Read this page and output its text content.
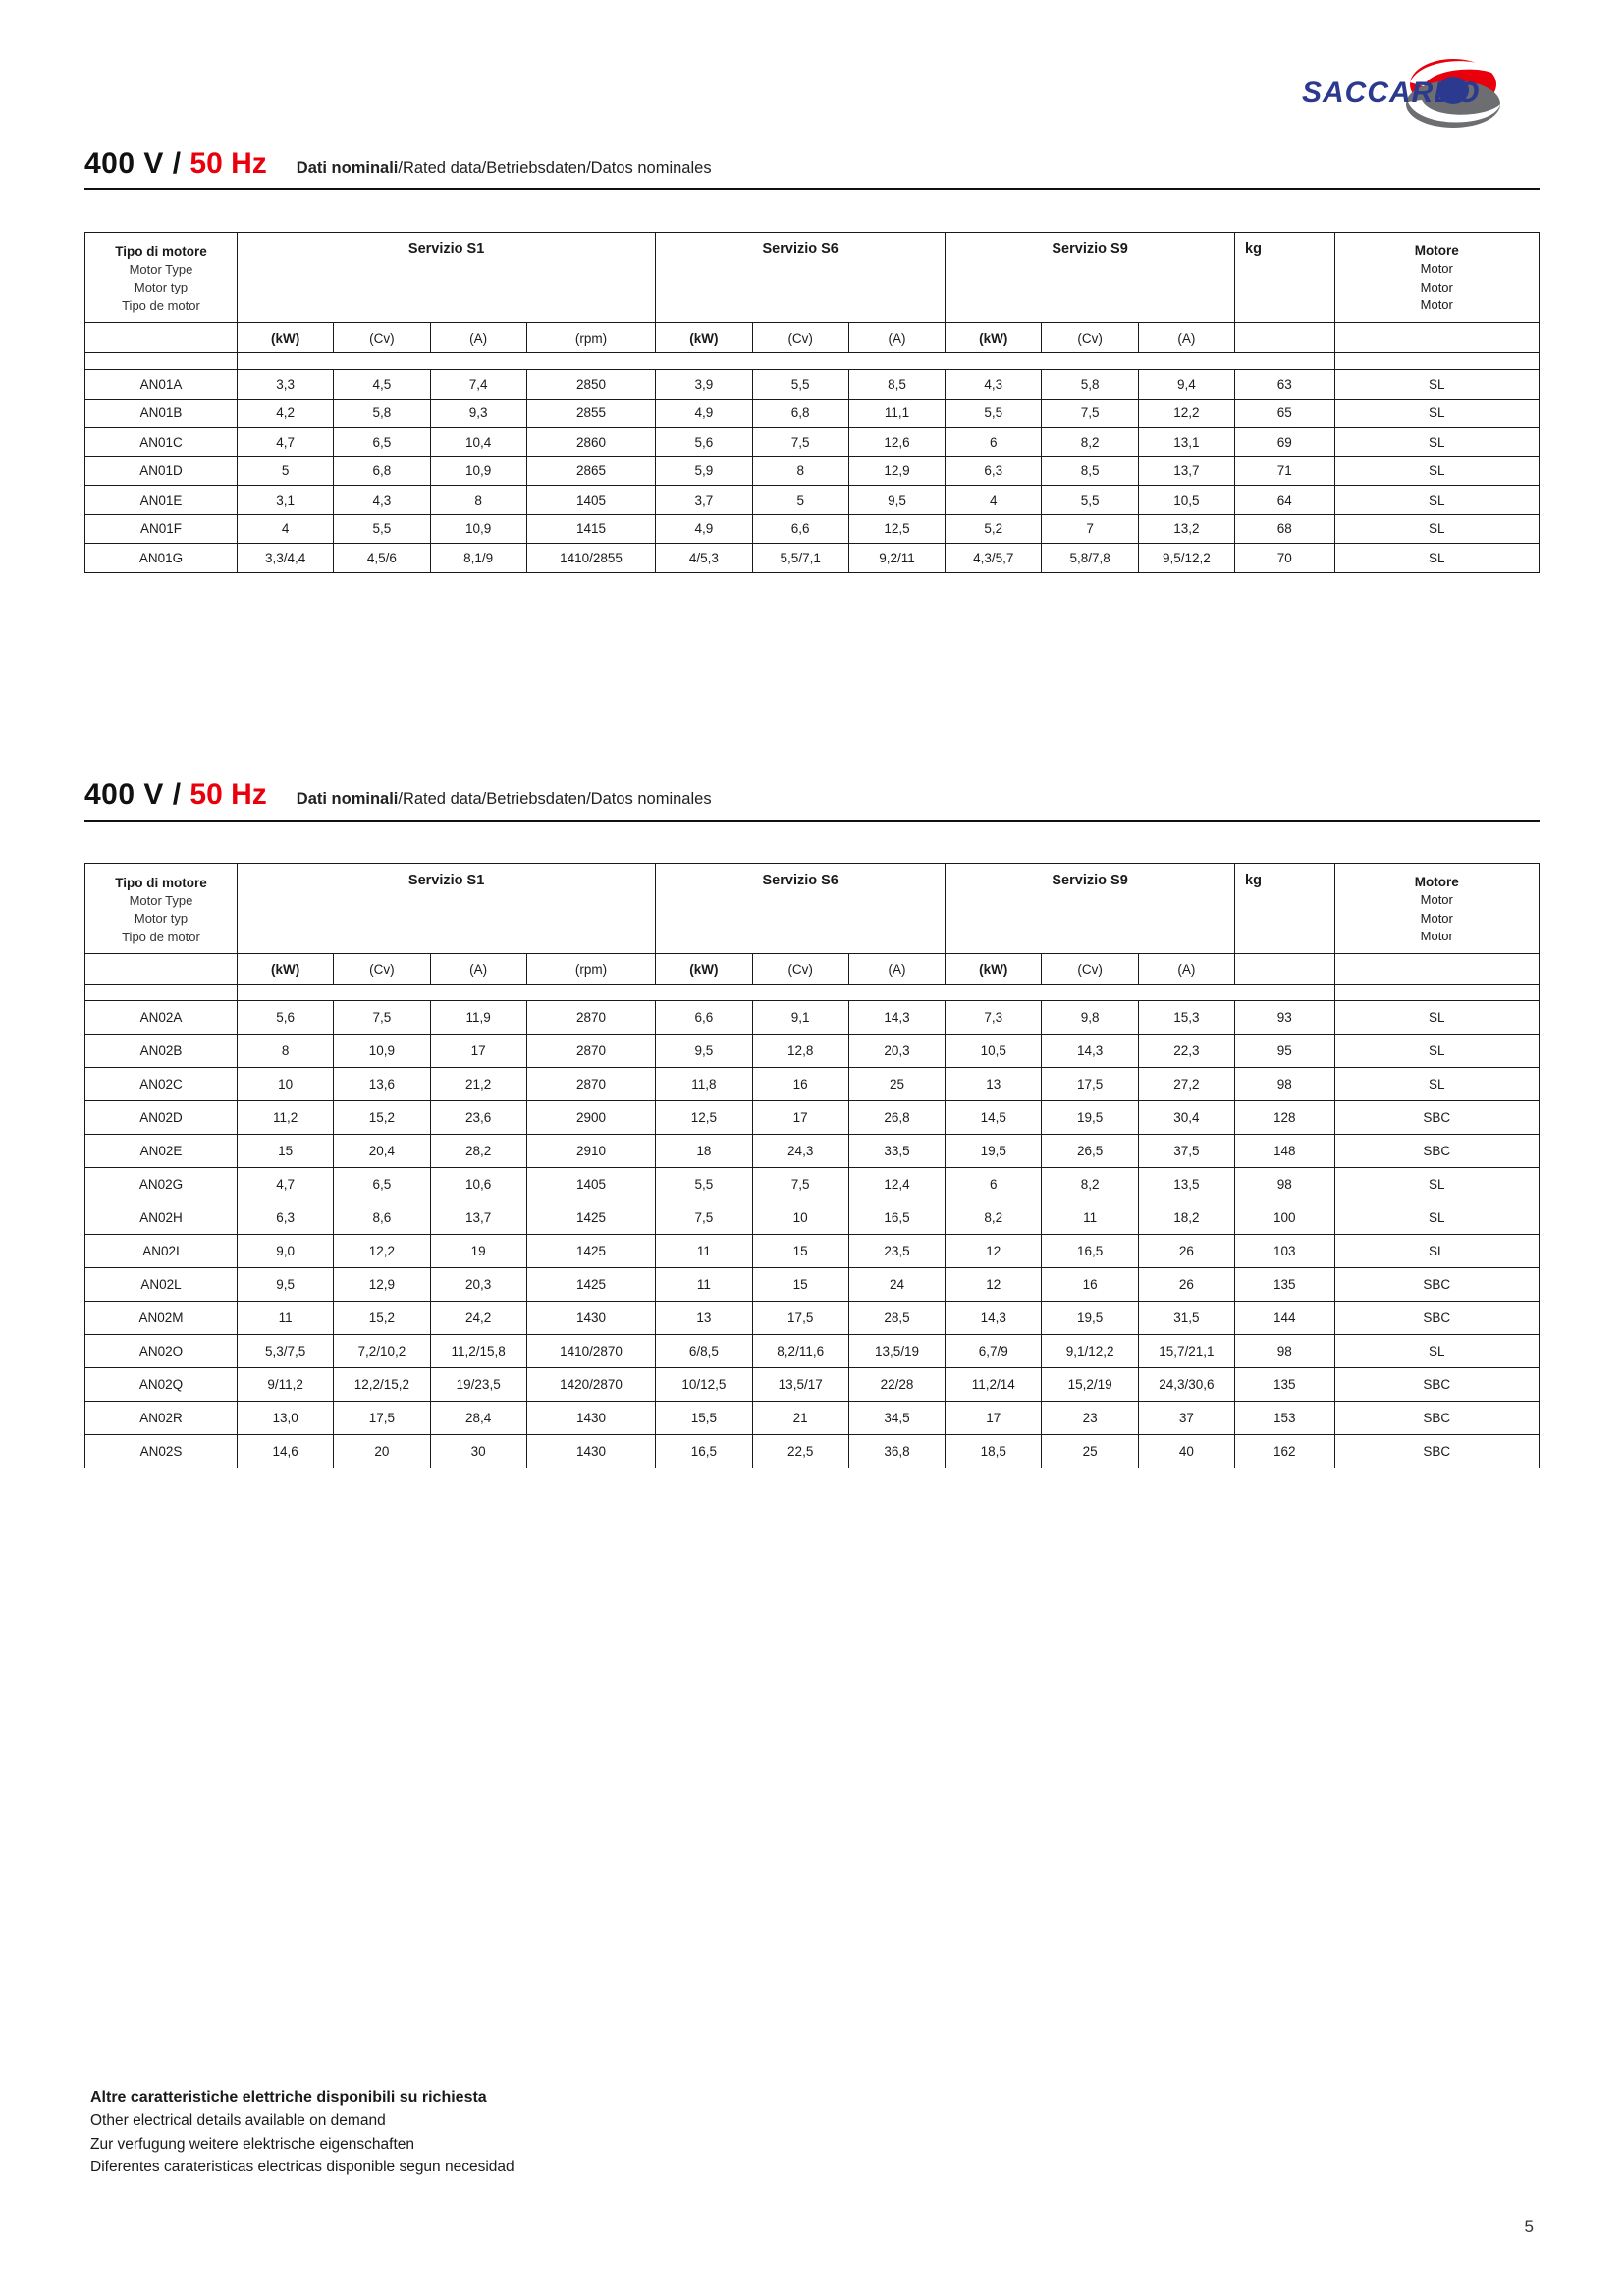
SACCARDO
400 V / 50 Hz Dati nominali/Rated data/Betriebsdaten/Datos nominales
Tipo di motore
Motor Type
Motor typ
Tipo de motor
	Servizio S1	Servizio S6	Servizio S9	kg	Motore
Motor
Motor
Motor

	(kW)	(Cv)	(A)	(rpm)	(kW)	(Cv)	(A)	(kW)	(Cv)	(A)		

AN01A	3,3	4,5	7,4	2850	3,9	5,5	8,5	4,3	5,8	9,4	63	SL
AN01B	4,2	5,8	9,3	2855	4,9	6,8	11,1	5,5	7,5	12,2	65	SL
AN01C	4,7	6,5	10,4	2860	5,6	7,5	12,6	6	8,2	13,1	69	SL
AN01D	5	6,8	10,9	2865	5,9	8	12,9	6,3	8,5	13,7	71	SL
AN01E	3,1	4,3	8	1405	3,7	5	9,5	4	5,5	10,5	64	SL
AN01F	4	5,5	10,9	1415	4,9	6,6	12,5	5,2	7	13,2	68	SL
AN01G	3,3/4,4	4,5/6	8,1/9	1410/2855	4/5,3	5,5/7,1	9,2/11	4,3/5,7	5,8/7,8	9,5/12,2	70	SL
400 V / 50 Hz Dati nominali/Rated data/Betriebsdaten/Datos nominales
Tipo di motore
Motor Type
Motor typ
Tipo de motor
	Servizio S1	Servizio S6	Servizio S9	kg	Motore
Motor
Motor
Motor

	(kW)	(Cv)	(A)	(rpm)	(kW)	(Cv)	(A)	(kW)	(Cv)	(A)		

AN02A	5,6	7,5	11,9	2870	6,6	9,1	14,3	7,3	9,8	15,3	93	SL
AN02B	8	10,9	17	2870	9,5	12,8	20,3	10,5	14,3	22,3	95	SL
AN02C	10	13,6	21,2	2870	11,8	16	25	13	17,5	27,2	98	SL
AN02D	11,2	15,2	23,6	2900	12,5	17	26,8	14,5	19,5	30,4	128	SBC
AN02E	15	20,4	28,2	2910	18	24,3	33,5	19,5	26,5	37,5	148	SBC
AN02G	4,7	6,5	10,6	1405	5,5	7,5	12,4	6	8,2	13,5	98	SL
AN02H	6,3	8,6	13,7	1425	7,5	10	16,5	8,2	11	18,2	100	SL
AN02I	9,0	12,2	19	1425	11	15	23,5	12	16,5	26	103	SL
AN02L	9,5	12,9	20,3	1425	11	15	24	12	16	26	135	SBC
AN02M	11	15,2	24,2	1430	13	17,5	28,5	14,3	19,5	31,5	144	SBC
AN02O	5,3/7,5	7,2/10,2	11,2/15,8	1410/2870	6/8,5	8,2/11,6	13,5/19	6,7/9	9,1/12,2	15,7/21,1	98	SL
AN02Q	9/11,2	12,2/15,2	19/23,5	1420/2870	10/12,5	13,5/17	22/28	11,2/14	15,2/19	24,3/30,6	135	SBC
AN02R	13,0	17,5	28,4	1430	15,5	21	34,5	17	23	37	153	SBC
AN02S	14,6	20	30	1430	16,5	22,5	36,8	18,5	25	40	162	SBC
Altre caratteristiche elettriche disponibili su richiesta
Other electrical details available on demand
Zur verfugung weitere elektrische eigenschaften
Diferentes carateristicas electricas disponible segun necesidad
5
